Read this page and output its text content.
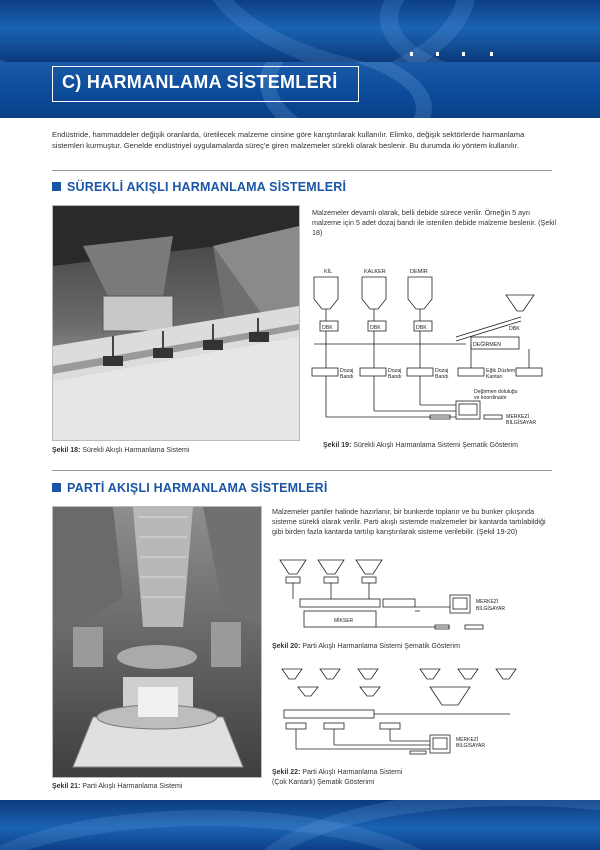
C) HARMANLAMA SİSTEMLERİ

Endüstride, hammaddeler değişik oranlarda, üretilecek malzeme cinsine göre karıştırılarak kullanılır. Elimko, değişik sektörlerde harmanlama sistemleri kurmuştur. Genelde endüstriyel uygulamalarda süreç'e giren malzemeler sürekli olarak beslenir. Bu durumda iki yöntem kullanılır.

SÜREKLİ AKIŞLI HARMANLAMA SİSTEMLERİ

Malzemeler devamlı olarak, belli debide sürece verilir. Örneğin 5 ayrı malzeme için 5 adet dozaj bandı ile istenilen debide malzeme beslenir. (Şekil 18)

KİL	KALKER	DEMİR
DBK	DBK	DBK	DBK
DEĞİRMEN
Dozaj
Bandı
Dozaj
Bandı
Dozaj
Bandı
Eğik Düzlem
Kantarı
Değirmen doluluğu
ve koordinatör
MERKEZİ
BİLGİSAYAR
Şekil 18: Sürekli Akışlı Harmanlama Sistemi
Şekil 19: Sürekli Akışlı Harmanlama Sistemi Şematik Gösterim
PARTİ AKIŞLI HARMANLAMA SİSTEMLERİ

Malzemeler partiler halinde hazırlanır, bir bunkerde toplanır ve bu bunker çıkışında sisteme sürekli olarak verilir. Parti akışlı sistemde malzemeler bir kantarda tartılabildiği gibi birden fazla kantarda tartılıp karıştırılarak sisteme verilebilir. (Şekil 19-20)

MİKSER
MERKEZİ
BİLGİSAYAR
Şekil 20: Parti Akışlı Harmanlama Sistemi Şematik Gösterim
MERKEZİ
BİLGİSAYAR
Şekil 22: Parti Akışlı Harmanlama Sistemi
(Çok Kantarlı) Şematik Gösterimi
Şekil 21: Parti Akışlı Harmanlama Sistemi
